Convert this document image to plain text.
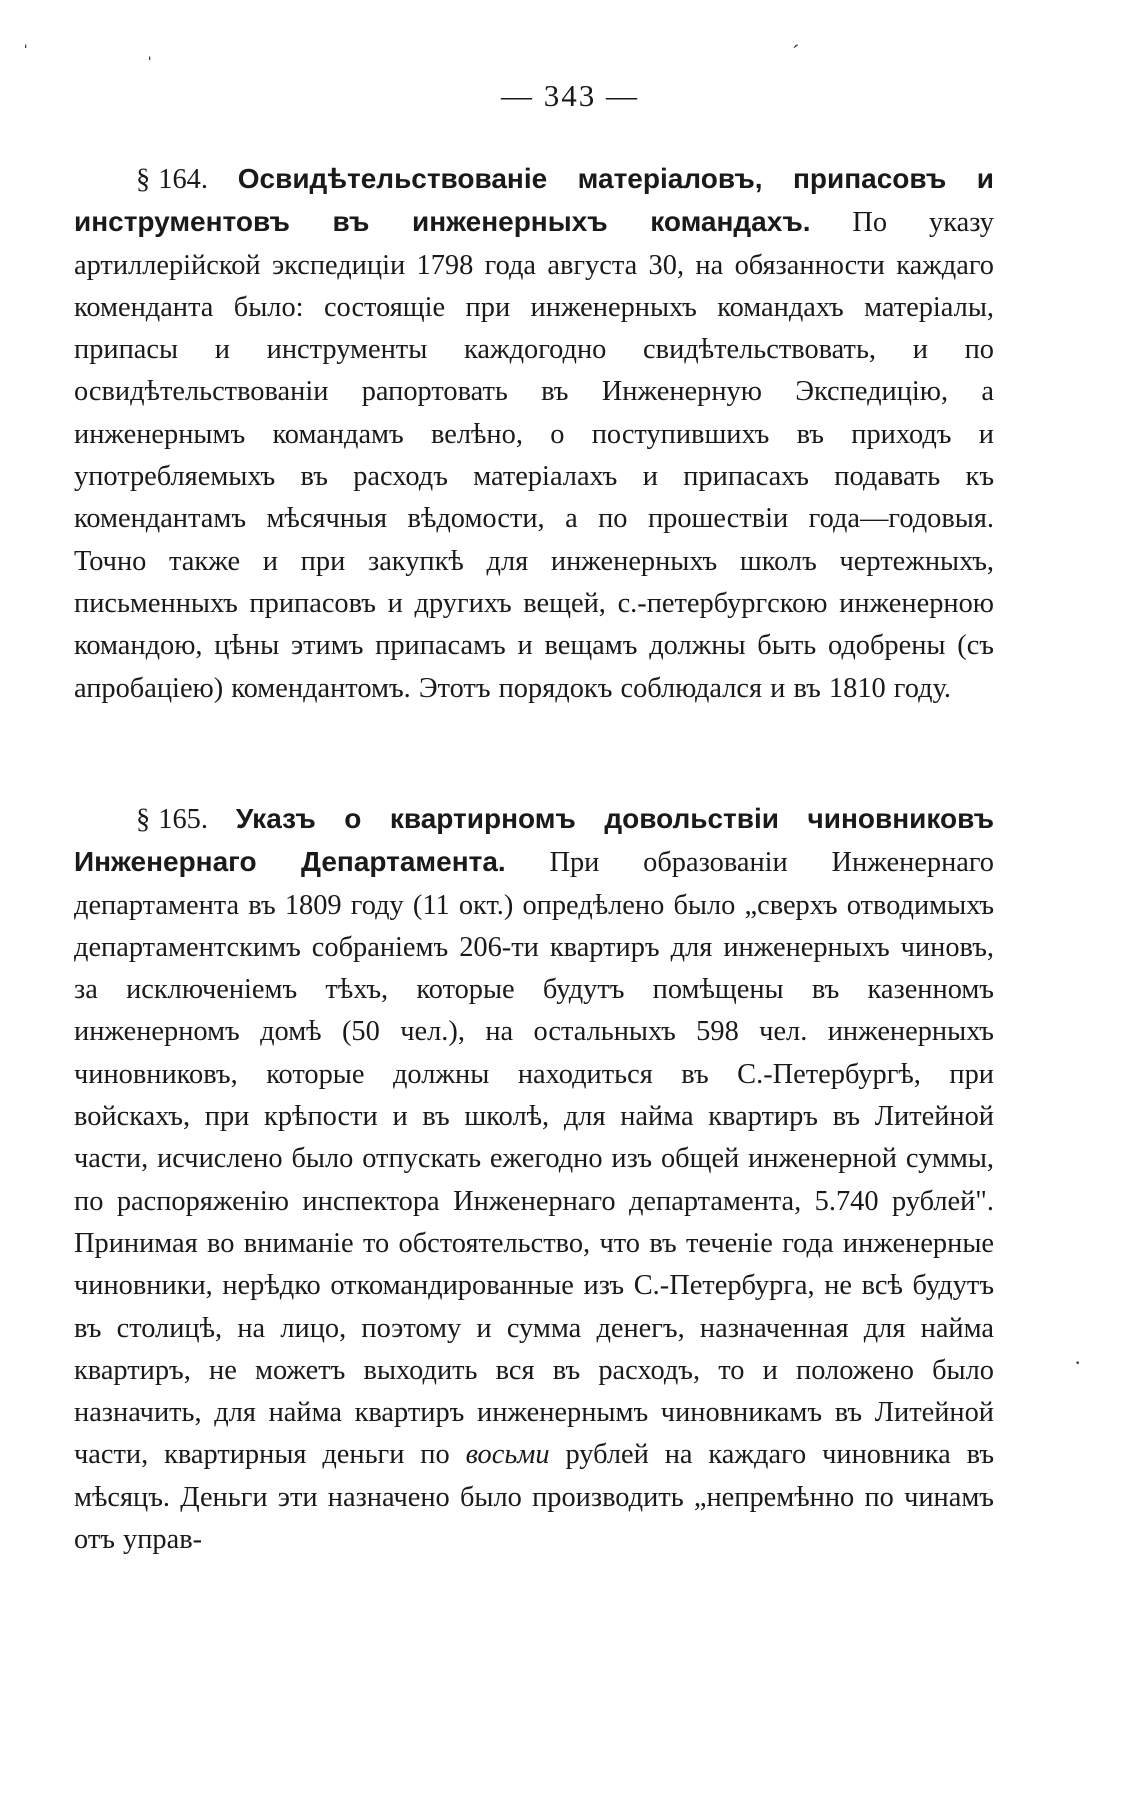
— 343 —
§ 164. Освидѣтельствованіе матеріаловъ, припасовъ и инструментовъ въ инженерныхъ командахъ. По указу артиллерійской экспедиціи 1798 года августа 30, на обязанности каждаго коменданта было: состоящіе при инженерныхъ командахъ матеріалы, припасы и инструменты каждогодно свидѣтельствовать, и по освидѣтельствованіи рапортовать въ Инженерную Экспедицію, а инженернымъ командамъ велѣно, о поступившихъ въ приходъ и употребляемыхъ въ расходъ матеріалахъ и припасахъ подавать къ комендантамъ мѣсячныя вѣдомости, а по прошествіи года—годовыя. Точно также и при закупкѣ для инженерныхъ школъ чертежныхъ, письменныхъ припасовъ и другихъ вещей, с.-петербургскою инженерною командою, цѣны этимъ припасамъ и вещамъ должны быть одобрены (съ апробаціею) комендантомъ. Этотъ порядокъ соблюдался и въ 1810 году.
§ 165. Указъ о квартирномъ довольствіи чиновниковъ Инженернаго Департамента. При образованіи Инженернаго департамента въ 1809 году (11 окт.) опредѣлено было „сверхъ отводимыхъ департаментскимъ собраніемъ 206-ти квартиръ для инженерныхъ чиновъ, за исключеніемъ тѣхъ, которые будутъ помѣщены въ казенномъ инженерномъ домѣ (50 чел.), на остальныхъ 598 чел. инженерныхъ чиновниковъ, которые должны находиться въ С.-Петербургѣ, при войскахъ, при крѣпости и въ школѣ, для найма квартиръ въ Литейной части, исчислено было отпускать ежегодно изъ общей инженерной суммы, по распоряженію инспектора Инженернаго департамента, 5.740 рублей". Принимая во вниманіе то обстоятельство, что въ теченіе года инженерные чиновники, нерѣдко откомандированные изъ С.-Петербурга, не всѣ будутъ въ столицѣ, на лицо, поэтому и сумма денегъ, назначенная для найма квартиръ, не можетъ выходить вся въ расходъ, то и положено было назначить, для найма квартиръ инженернымъ чиновникамъ въ Литейной части, квартирныя деньги по восьми рублей на каждаго чиновника въ мѣсяцъ. Деньги эти назначено было производить „непремѣнно по чинамъ отъ управ-
ˈ	ˈ	ˊ
·
